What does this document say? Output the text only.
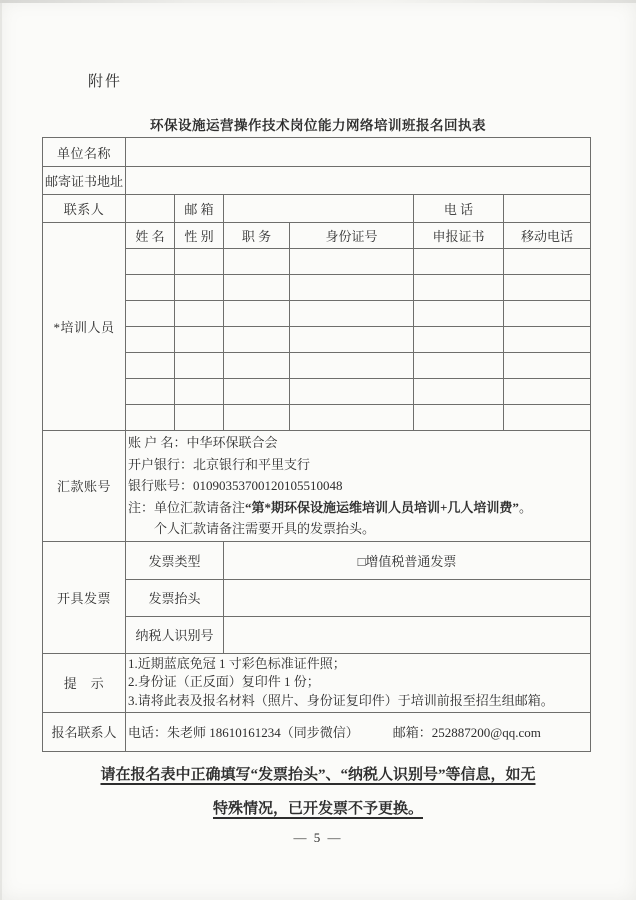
附件
环保设施运营操作技术岗位能力网络培训班报名回执表
单位名称						
邮寄证书地址						
联系人		邮 箱			电 话	
*培训人员	姓 名	性 别	职 务	身份证号	申报证书	移动电话

汇款账号	账 户 名：中华环保联合会
开户银行：北京银行和平里支行
银行账号：01090353700120105510048
注：单位汇款请备注“第*期环保设施运维培训人员培训+几人培训费”。
个人汇款请备注需要开具的发票抬头。					

开具发票	发票类型		□增值税普通发票			
	发票抬头					
	纳税人识别号					
提　示	1.近期蓝底免冠 1 寸彩色标准证件照；
2.身份证（正反面）复印件 1 份；
3.请将此表及报名材料（照片、身份证复印件）于培训前报至招生组邮箱。					

报名联系人	电话：朱老师 18610161234（同步微信） 邮箱：252887200@qq.com					
请在报名表中正确填写“发票抬头”、“纳税人识别号”等信息，如无
特殊情况，已开发票不予更换。
— 5 —
